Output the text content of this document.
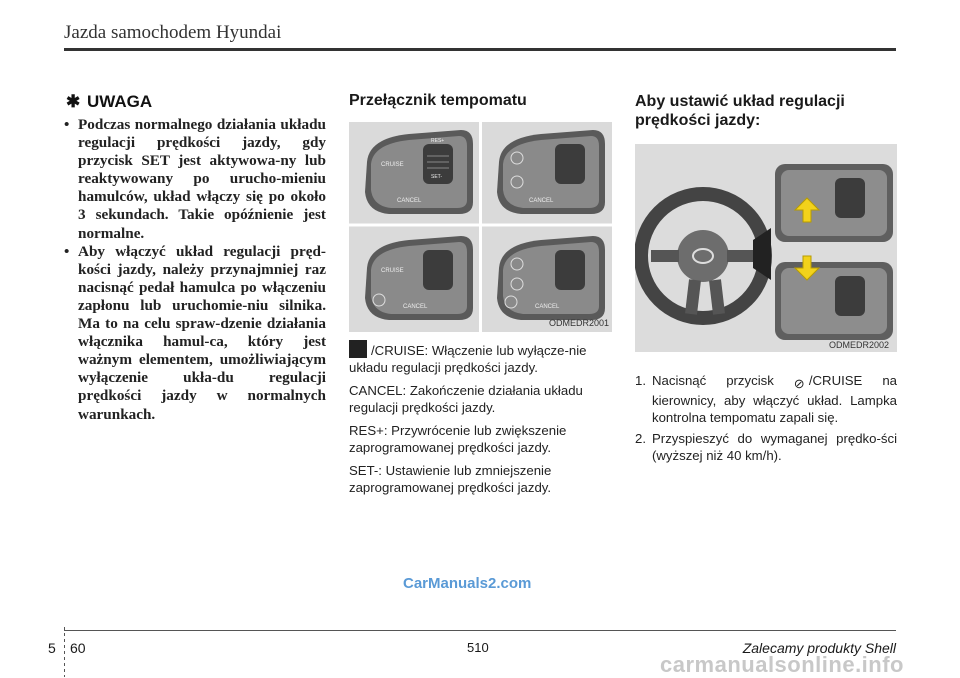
Jazda samochodem Hyundai
✱ UWAGA
• Podczas normalnego działania układu regulacji prędkości jazdy, gdy przycisk SET jest aktywowa-ny lub reaktywowany po urucho-mieniu hamulców, układ włączy się po około 3 sekundach. Takie opóźnienie jest normalne.
• Aby włączyć układ regulacji pręd-kości jazdy, należy przynajmniej raz nacisnąć pedał hamulca po włączeniu zapłonu lub uruchomie-niu silnika. Ma to na celu spraw-dzenie działania włącznika hamul-ca, który jest ważnym elementem, umożliwiającym wyłączenie ukła-du regulacji prędkości jazdy w normalnych warunkach.
Przełącznik tempomatu
RES+
SET-
CRUISE
CANCEL	CANCEL
CRUISE
CANCEL	CANCEL
ODMEDR2001
/CRUISE: Włączenie lub wyłącze-nie układu regulacji prędkości jazdy.
CANCEL: Zakończenie działania układu regulacji prędkości jazdy.
RES+: Przywrócenie lub zwiększenie zaprogramowanej prędkości jazdy.
SET-: Ustawienie lub zmniejszenie zaprogramowanej prędkości jazdy.
Aby ustawić układ regulacji prędkości jazdy:
ODMEDR2002
1. Nacisnąć przycisk ⊘ /CRUISE na kierownicy, aby włączyć układ. Lampka kontrolna tempomatu zapali się.
2. Przyspieszyć do wymaganej prędko-ści (wyższej niż 40 km/h).
CarManuals2.com
5 60	510	Zalecamy produkty Shell
carmanualsonline.info
